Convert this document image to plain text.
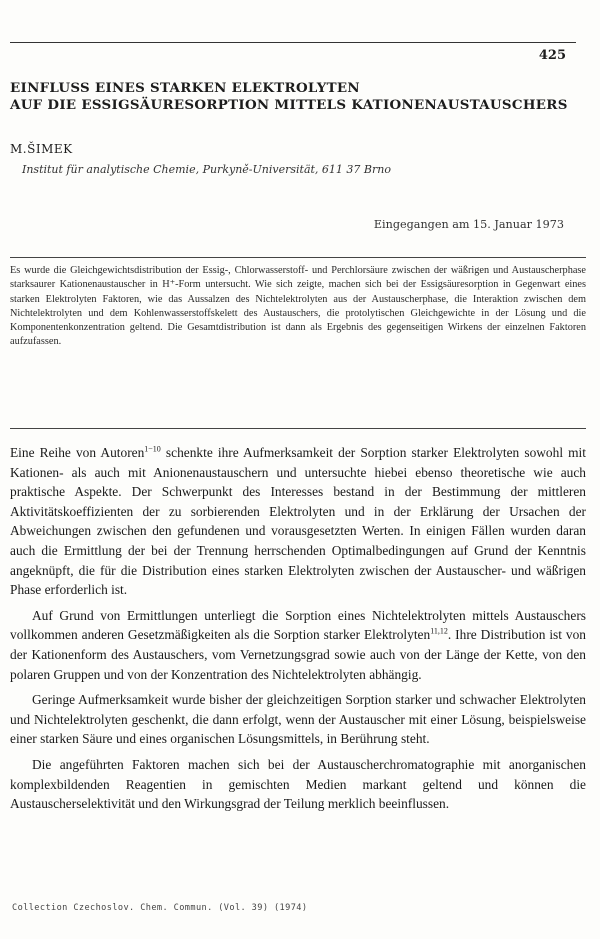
425
EINFLUSS EINES STARKEN ELEKTROLYTEN
AUF DIE ESSIGSÄURESORPTION MITTELS KATIONENAUSTAUSCHERS
M.ŠIMEK
Institut für analytische Chemie, Purkyně-Universität, 611 37 Brno
Eingegangen am 15. Januar 1973
Es wurde die Gleichgewichtsdistribution der Essig-, Chlorwasserstoff- und Perchlorsäure zwischen der wäßrigen und Austauscherphase starksaurer Kationenaustauscher in H⁺-Form untersucht. Wie sich zeigte, machen sich bei der Essigsäuresorption in Gegenwart eines starken Elektrolyten Faktoren, wie das Aussalzen des Nichtelektrolyten aus der Austauscherphase, die Interaktion zwischen dem Nichtelektrolyten und dem Kohlenwasserstoffskelett des Austauschers, die protolytischen Gleichgewichte in der Lösung und die Komponentenkonzentration geltend. Die Gesamtdistribution ist dann als Ergebnis des gegenseitigen Wirkens der einzelnen Faktoren aufzufassen.

Eine Reihe von Autoren$^{1-10}$ schenkte ihre Aufmerksamkeit der Sorption starker Elektrolyten sowohl mit Kationen- als auch mit Anionenaustauschern und untersuchte hiebei ebenso theoretische wie auch praktische Aspekte. Der Schwerpunkt des Interesses bestand in der Bestimmung der mittleren Aktivitätskoeffizienten der zu sorbierenden Elektrolyten und in der Erklärung der Ursachen der Abweichungen zwischen den gefundenen und vorausgesetzten Werten. In einigen Fällen wurden daran auch die Ermittlung der bei der Trennung herrschenden Optimalbedingungen auf Grund der Kenntnis angeknüpft, die für die Distribution eines starken Elektrolyten zwischen der Austauscher- und wäßrigen Phase erforderlich ist.

Auf Grund von Ermittlungen unterliegt die Sorption eines Nichtelektrolyten mittels Austauschers vollkommen anderen Gesetzmäßigkeiten als die Sorption starker Elektrolyten$^{11,12}$. Ihre Distribution ist von der Kationenform des Austauschers, vom Vernetzungsgrad sowie auch von der Länge der Kette, von den polaren Gruppen und von der Konzentration des Nichtelektrolyten abhängig.

Geringe Aufmerksamkeit wurde bisher der gleichzeitigen Sorption starker und schwacher Elektrolyten und Nichtelektrolyten geschenkt, die dann erfolgt, wenn der Austauscher mit einer Lösung, beispielsweise einer starken Säure und eines organischen Lösungsmittels, in Berührung steht.

Die angeführten Faktoren machen sich bei der Austauscherchromatographie mit anorganischen komplexbildenden Reagentien in gemischten Medien markant geltend und können die Austauscherselektivität und den Wirkungsgrad der Teilung merklich beeinflussen.

Collection Czechoslov. Chem. Commun. (Vol. 39) (1974)
